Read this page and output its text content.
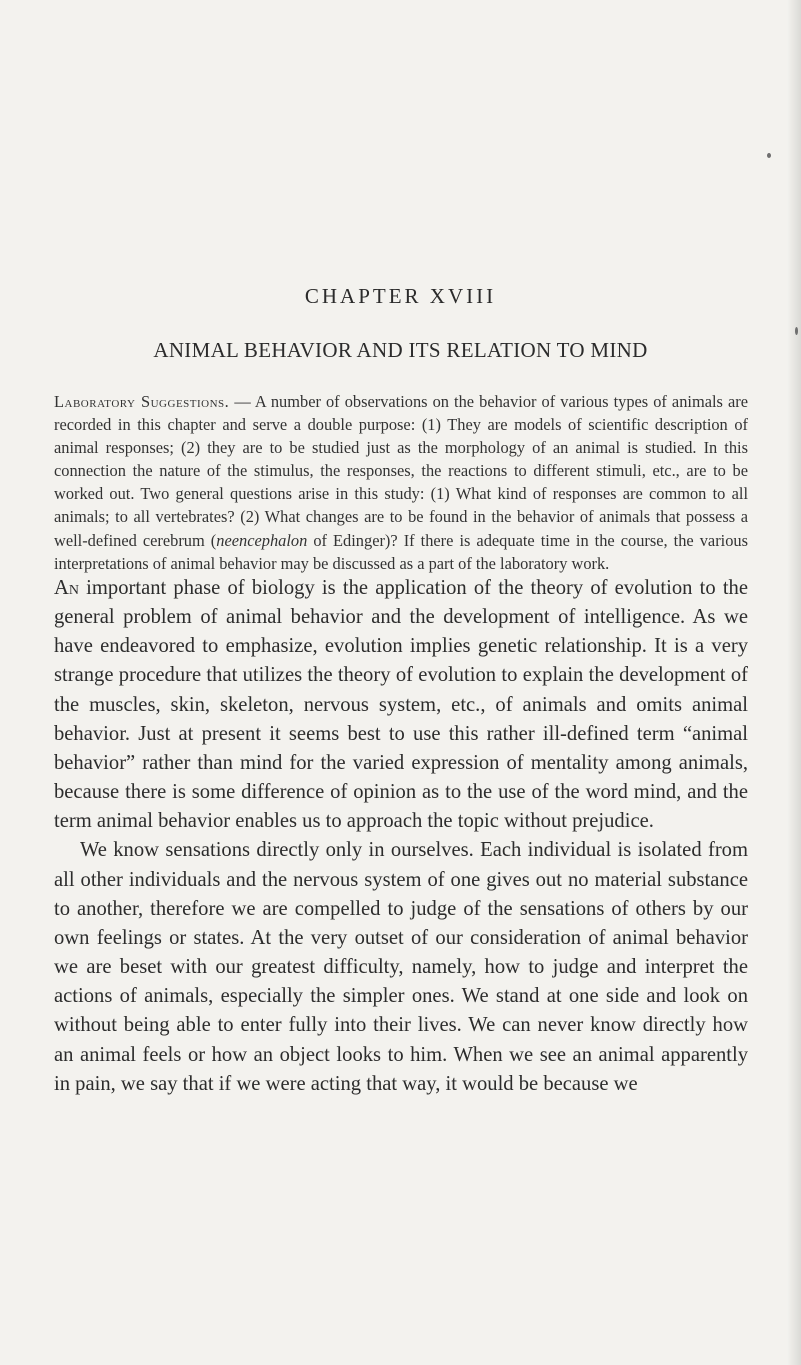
CHAPTER XVIII
ANIMAL BEHAVIOR AND ITS RELATION TO MIND
Laboratory Suggestions. — A number of observations on the behavior of various types of animals are recorded in this chapter and serve a double purpose: (1) They are models of scientific description of animal responses; (2) they are to be studied just as the morphology of an animal is studied. In this connection the nature of the stimulus, the responses, the reactions to different stimuli, etc., are to be worked out. Two general questions arise in this study: (1) What kind of responses are common to all animals; to all vertebrates? (2) What changes are to be found in the behavior of animals that possess a well-defined cerebrum (neencephalon of Edinger)? If there is adequate time in the course, the various interpretations of animal behavior may be discussed as a part of the laboratory work.

An important phase of biology is the application of the theory of evolution to the general problem of animal behavior and the development of intelligence. As we have endeavored to emphasize, evolution implies genetic relationship. It is a very strange procedure that utilizes the theory of evolution to explain the development of the muscles, skin, skeleton, nervous system, etc., of animals and omits animal behavior. Just at present it seems best to use this rather ill-defined term “animal behavior” rather than mind for the varied expression of mentality among animals, because there is some difference of opinion as to the use of the word mind, and the term animal behavior enables us to approach the topic without prejudice.

We know sensations directly only in ourselves. Each individual is isolated from all other individuals and the nervous system of one gives out no material substance to another, therefore we are compelled to judge of the sensations of others by our own feelings or states. At the very outset of our consideration of animal behavior we are beset with our greatest difficulty, namely, how to judge and interpret the actions of animals, especially the simpler ones. We stand at one side and look on without being able to enter fully into their lives. We can never know directly how an animal feels or how an object looks to him. When we see an animal apparently in pain, we say that if we were acting that way, it would be because we
